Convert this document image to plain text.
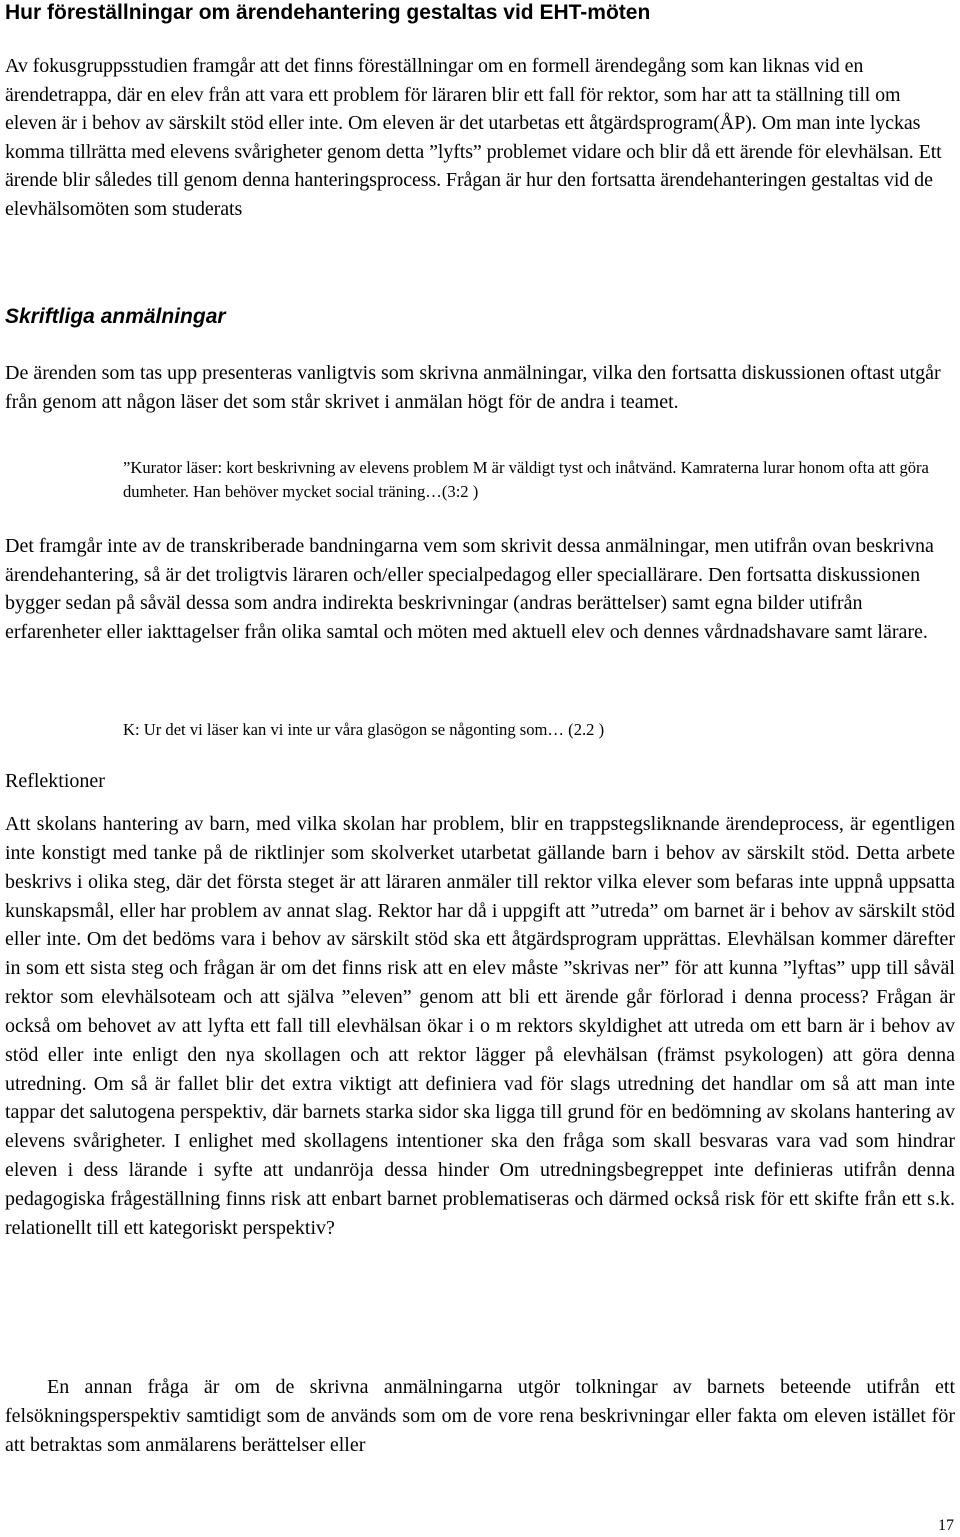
Hur föreställningar om ärendehantering gestaltas vid EHT-möten

Av fokusgruppsstudien framgår att det finns föreställningar om en formell ärendegång som kan liknas vid en ärendetrappa, där en elev från att vara ett problem för läraren blir ett fall för rektor, som har att ta ställning till om eleven är i behov av särskilt stöd eller inte. Om eleven är det utarbetas ett åtgärdsprogram(ÅP). Om man inte lyckas komma tillrätta med elevens svårigheter genom detta ”lyfts” problemet vidare och blir då ett ärende för elevhälsan. Ett ärende blir således till genom denna hanteringsprocess. Frågan är hur den fortsatta ärendehanteringen gestaltas vid de elevhälsomöten som studerats

Skriftliga anmälningar

De ärenden som tas upp presenteras vanligtvis som skrivna anmälningar, vilka den fortsatta diskussionen oftast utgår från genom att någon läser det som står skrivet i anmälan högt för de andra i teamet.

”Kurator läser: kort beskrivning av elevens problem M är väldigt tyst och inåtvänd. Kamraterna lurar honom ofta att göra dumheter. Han behöver mycket social träning…(3:2 )

Det framgår inte av de transkriberade bandningarna vem som skrivit dessa anmälningar, men utifrån ovan beskrivna ärendehantering, så är det troligtvis läraren och/eller specialpedagog eller speciallärare. Den fortsatta diskussionen bygger sedan på såväl dessa som andra indirekta beskrivningar (andras berättelser) samt egna bilder utifrån erfarenheter eller iakttagelser från olika samtal och möten med aktuell elev och dennes vårdnadshavare samt lärare.

K: Ur det vi läser kan vi inte ur våra glasögon se någonting som… (2.2 )

Reflektioner

Att skolans hantering av barn, med vilka skolan har problem, blir en trappstegsliknande ärendeprocess, är egentligen inte konstigt med tanke på de riktlinjer som skolverket utarbetat gällande barn i behov av särskilt stöd. Detta arbete beskrivs i olika steg, där det första steget är att läraren anmäler till rektor vilka elever som befaras inte uppnå uppsatta kunskapsmål, eller har problem av annat slag. Rektor har då i uppgift att ”utreda” om barnet är i behov av särskilt stöd eller inte. Om det bedöms vara i behov av särskilt stöd ska ett åtgärdsprogram upprättas. Elevhälsan kommer därefter in som ett sista steg och frågan är om det finns risk att en elev måste ”skrivas ner” för att kunna ”lyftas” upp till såväl rektor som elevhälsoteam och att själva ”eleven” genom att bli ett ärende går förlorad i denna process? Frågan är också om behovet av att lyfta ett fall till elevhälsan ökar i o m rektors skyldighet att utreda om ett barn är i behov av stöd eller inte enligt den nya skollagen och att rektor lägger på elevhälsan (främst psykologen) att göra denna utredning. Om så är fallet blir det extra viktigt att definiera vad för slags utredning det handlar om så att man inte tappar det salutogena perspektiv, där barnets starka sidor ska ligga till grund för en bedömning av skolans hantering av elevens svårigheter. I enlighet med skollagens intentioner ska den fråga som skall besvaras vara vad som hindrar eleven i dess lärande i syfte att undanröja dessa hinder Om utredningsbegreppet inte definieras utifrån denna pedagogiska frågeställning finns risk att enbart barnet problematiseras och därmed också risk för ett skifte från ett s.k. relationellt till ett kategoriskt perspektiv?

En annan fråga är om de skrivna anmälningarna utgör tolkningar av barnets beteende utifrån ett felsökningsperspektiv samtidigt som de används som om de vore rena beskrivningar eller fakta om eleven istället för att betraktas som anmälarens berättelser eller

17
